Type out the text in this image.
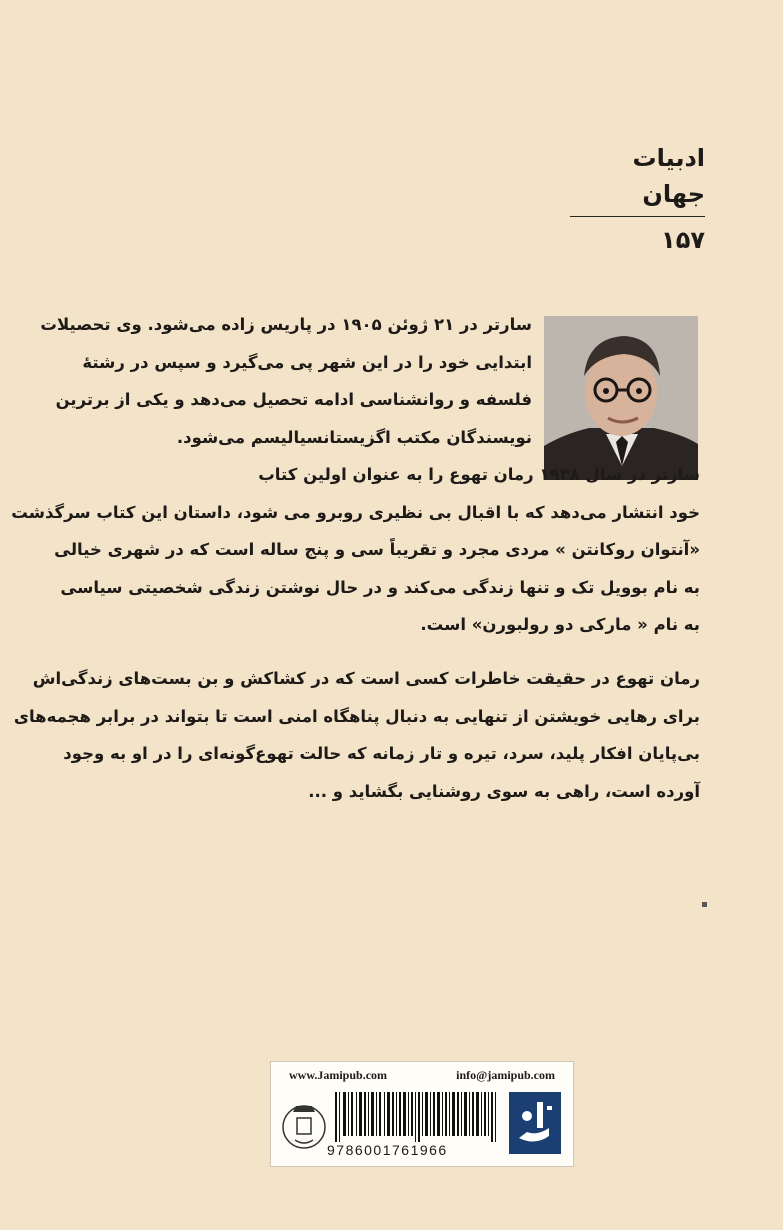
ادبیات جهان
۱۵۷
سارتر در ۲۱ ژوئن ۱۹۰۵ در پاریس زاده می‌شود. وی تحصیلات
ابتدایی خود را در این شهر پی می‌گیرد و سپس در رشتهٔ
فلسفه و روانشناسی ادامه تحصیل می‌دهد و یکی از برترین
نویسندگان مکتب اگزیستانسیالیسم می‌شود.
سارتر در سال ۱۹۳۸ رمان تهوع را به عنوان اولین کتاب
خود انتشار می‌دهد که با اقبال بی نظیری روبرو می شود، داستان این کتاب سرگذشت
«آنتوان روکانتن » مردی مجرد و تقریباً سی و پنج ساله است که در شهری خیالی
به نام بوویل تک و تنها زندگی می‌کند و در حال نوشتن زندگی شخصیتی سیاسی
به نام « مارکی دو رولبورن» است.
رمان تهوع در حقیقت خاطرات کسی است که در کشاکش و بن بست‌های زندگی‌اش
برای رهایی خویشتن از تنهایی به دنبال پناهگاه امنی است تا بتواند در برابر هجمه‌های
بی‌پایان افکار پلید، سرد، تیره و تار زمانه که حالت تهوع‌گونه‌ای را در او به وجود
آورده است، راهی به سوی روشنایی بگشاید و ...
www.Jamipub.com	info@jamipub.com
9786001761966
